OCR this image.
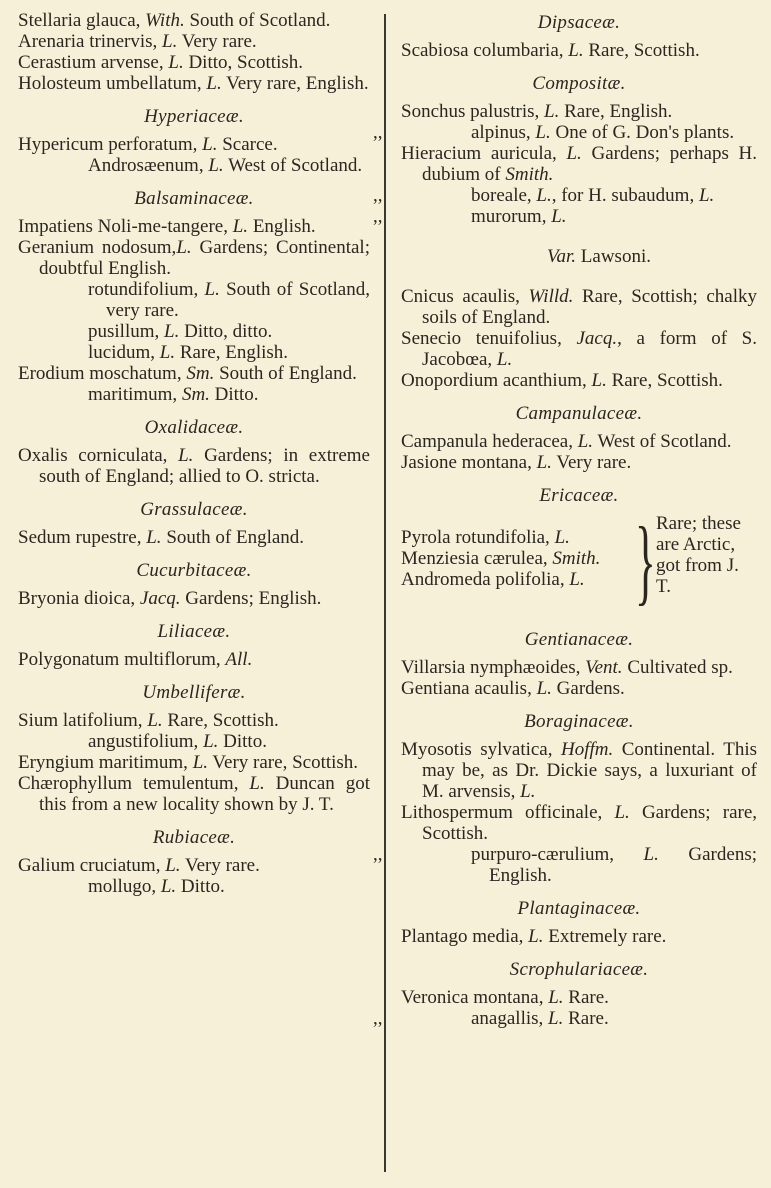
Stellaria glauca, With. South of Scotland.

Arenaria trinervis, L. Very rare.

Cerastium arvense, L. Ditto, Scottish.

Holosteum umbellatum, L. Very rare, English.

Hyperiaceæ.

Hypericum perforatum, L. Scarce.

Androsæenum, L. West of Scotland.

Balsaminaceæ.

Impatiens Noli-me-tangere, L. English.

Geranium nodosum,L. Gardens; Continental; doubtful English.

rotundifolium, L. South of Scotland, very rare.

pusillum, L. Ditto, ditto.

lucidum, L. Rare, English.

Erodium moschatum, Sm. South of England.

maritimum, Sm. Ditto.

Oxalidaceæ.

Oxalis corniculata, L. Gardens; in extreme south of England; allied to O. stricta.

Grassulaceæ.

Sedum rupestre, L. South of England.

Cucurbitaceæ.

Bryonia dioica, Jacq. Gardens; English.

Liliaceæ.

Polygonatum multiflorum, All.

Umbelliferæ.

Sium latifolium, L. Rare, Scottish.

angustifolium, L. Ditto.

Eryngium maritimum, L. Very rare, Scottish.

Chærophyllum temulentum, L. Duncan got this from a new locality shown by J. T.

Rubiaceæ.

Galium cruciatum, L. Very rare.

mollugo, L. Ditto.

Dipsaceæ.

Scabiosa columbaria, L. Rare, Scottish.

Compositæ.

Sonchus palustris, L. Rare, English.

,,	alpinus, L. One of G. Don's plants.

Hieracium auricula, L. Gardens; perhaps H. dubium of Smith.

,,	boreale, L., for H. subaudum, L.

,,	murorum, L.

Var. Lawsoni.

Cnicus acaulis, Willd. Rare, Scottish; chalky soils of England.

Senecio tenuifolius, Jacq., a form of S. Jacobœa, L.

Onopordium acanthium, L. Rare, Scottish.

Campanulaceæ.

Campanula hederacea, L. West of Scotland.

Jasione montana, L. Very rare.

Ericaceæ.
Pyrola rotundifolia, L.
Menziesia cærulea, Smith.
Andromeda polifolia, L. } Rare; these are Arctic, got from J. T.
Gentianaceæ.

Villarsia nymphæoides, Vent. Cultivated sp.

Gentiana acaulis, L. Gardens.

Boraginaceæ.

Myosotis sylvatica, Hoffm. Continental. This may be, as Dr. Dickie says, a luxuriant of M. arvensis, L.

Lithospermum officinale, L. Gardens; rare, Scottish.

,,	purpuro-cærulium, L. Gardens; English.

Plantaginaceæ.

Plantago media, L. Extremely rare.

Scrophulariaceæ.

Veronica montana, L. Rare.

,,	anagallis, L. Rare.
